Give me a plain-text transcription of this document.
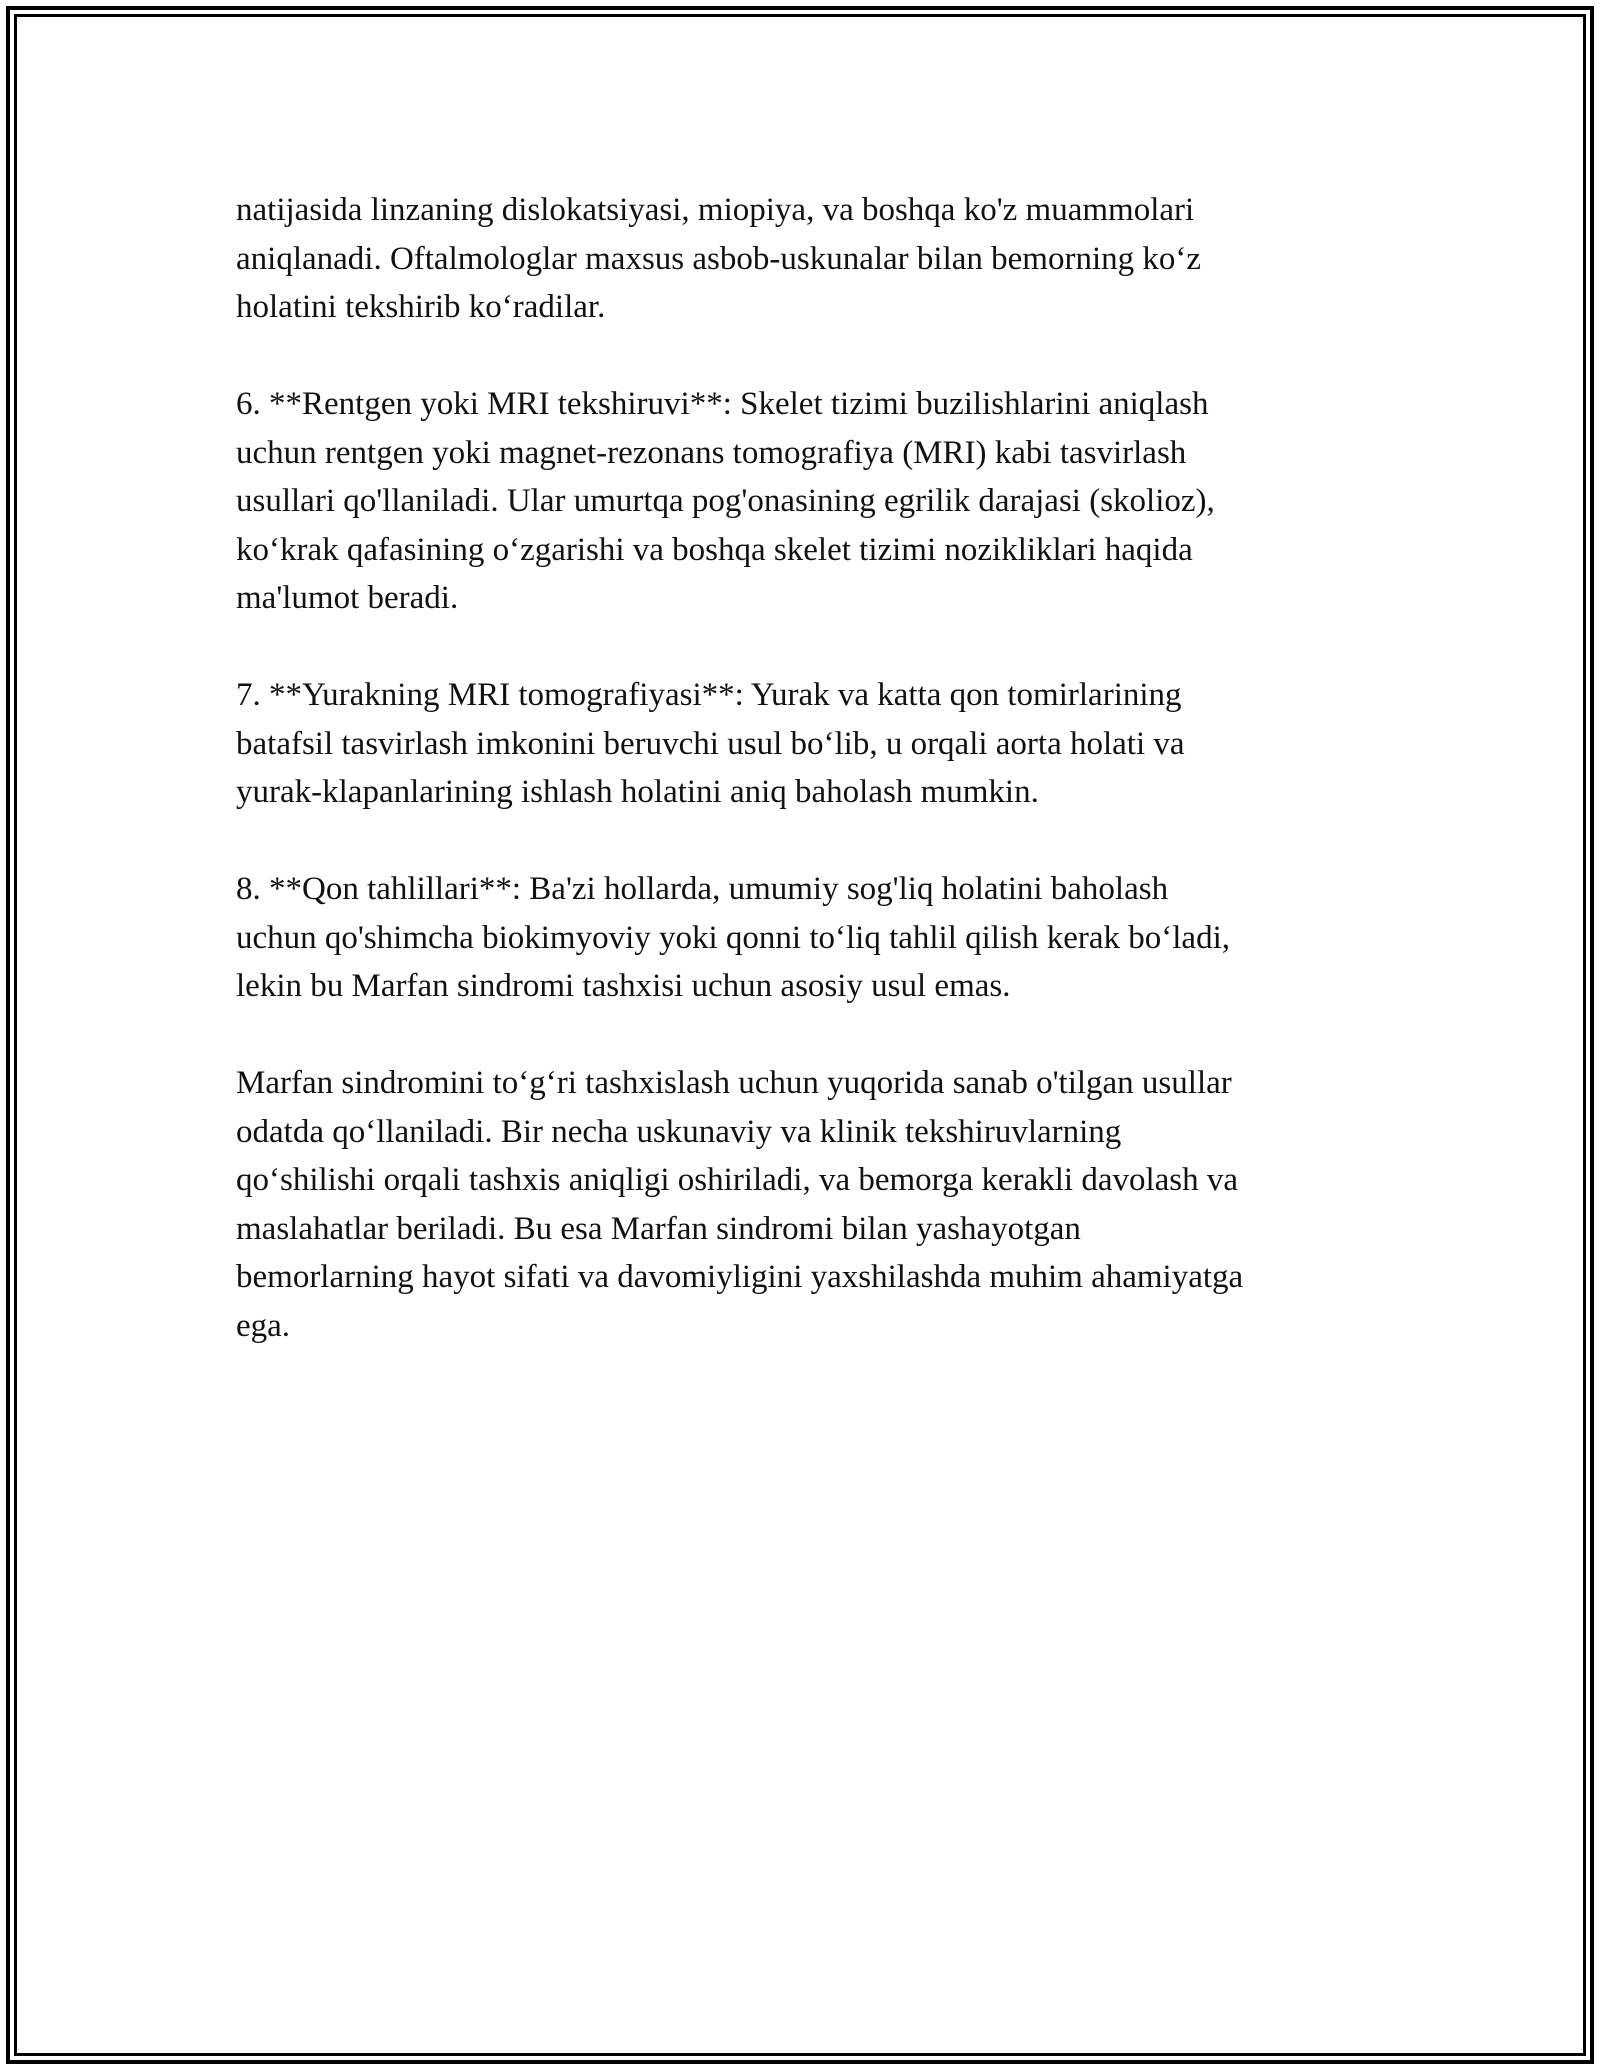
natijasida linzaning dislokatsiyasi, miopiya, va boshqa ko'z muammolari
aniqlanadi. Oftalmologlar maxsus asbob-uskunalar bilan bemorning koʻz
holatini tekshirib koʻradilar.

6. **Rentgen yoki MRI tekshiruvi**: Skelet tizimi buzilishlarini aniqlash
uchun rentgen yoki magnet-rezonans tomografiya (MRI) kabi tasvirlash
usullari qo'llaniladi. Ular umurtqa pog'onasining egrilik darajasi (skolioz),
koʻkrak qafasining oʻzgarishi va boshqa skelet tizimi nozikliklari haqida
ma'lumot beradi.

7. **Yurakning MRI tomografiyasi**: Yurak va katta qon tomirlarining
batafsil tasvirlash imkonini beruvchi usul boʻlib, u orqali aorta holati va
yurak-klapanlarining ishlash holatini aniq baholash mumkin.

8. **Qon tahlillari**: Ba'zi hollarda, umumiy sog'liq holatini baholash
uchun qo'shimcha biokimyoviy yoki qonni toʻliq tahlil qilish kerak boʻladi,
lekin bu Marfan sindromi tashxisi uchun asosiy usul emas.

Marfan sindromini toʻgʻri tashxislash uchun yuqorida sanab o'tilgan usullar
odatda qoʻllaniladi. Bir necha uskunaviy va klinik tekshiruvlarning
qoʻshilishi orqali tashxis aniqligi oshiriladi, va bemorga kerakli davolash va
maslahatlar beriladi. Bu esa Marfan sindromi bilan yashayotgan
bemorlarning hayot sifati va davomiyligini yaxshilashda muhim ahamiyatga
ega.
